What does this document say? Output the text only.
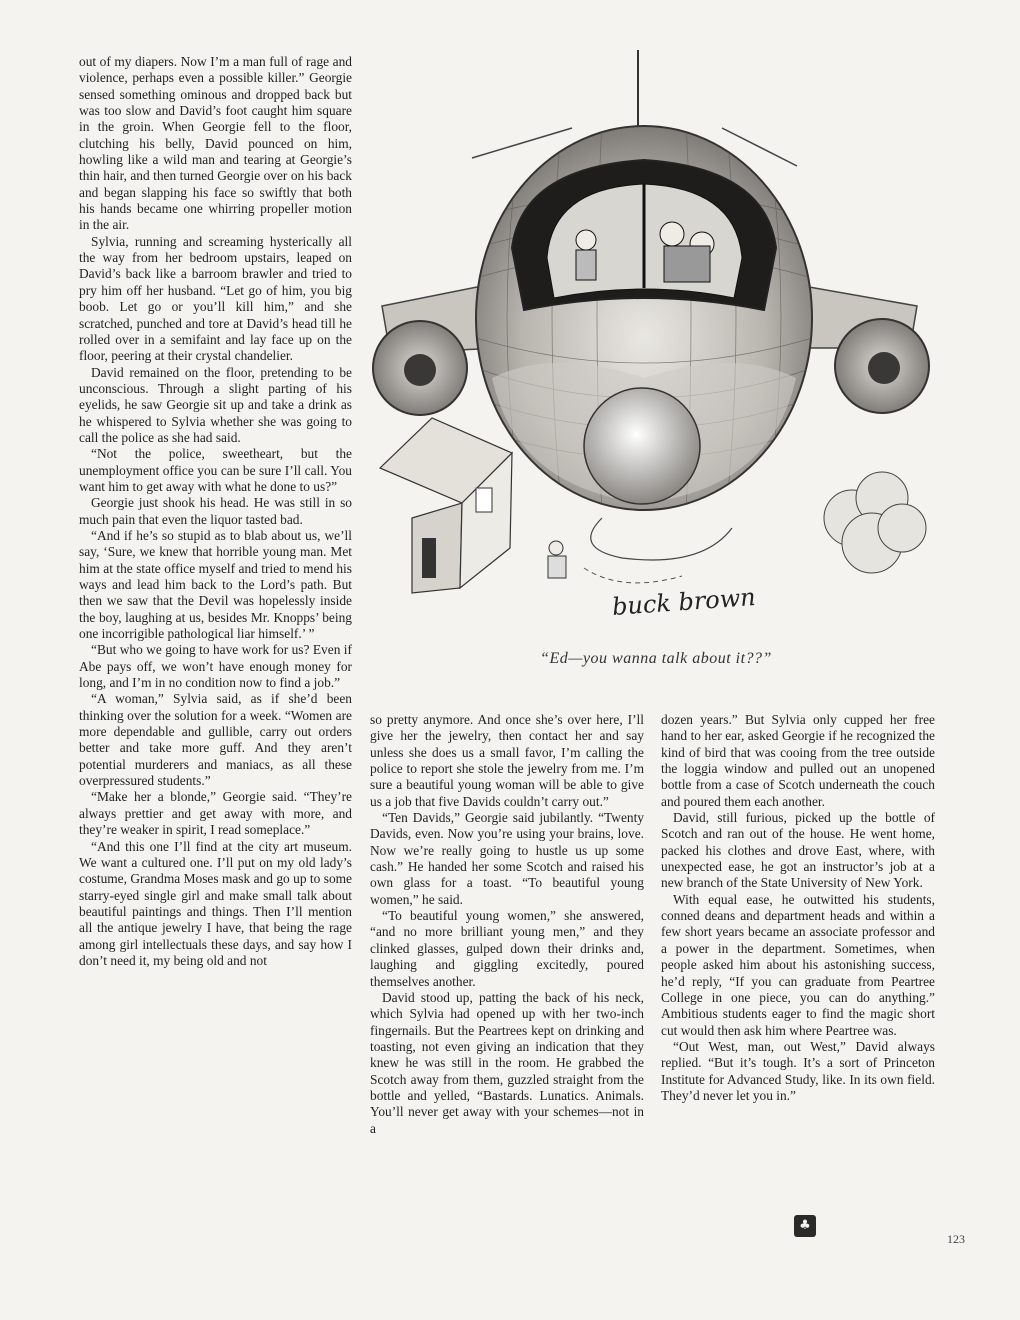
out of my diapers. Now I’m a man full of rage and violence, perhaps even a possible killer.” Georgie sensed something ominous and dropped back but was too slow and David’s foot caught him square in the groin. When Georgie fell to the floor, clutching his belly, David pounced on him, howling like a wild man and tearing at Georgie’s thin hair, and then turned Georgie over on his back and began slapping his face so swiftly that both his hands became one whirring propeller motion in the air.

Sylvia, running and screaming hysterically all the way from her bedroom upstairs, leaped on David’s back like a barroom brawler and tried to pry him off her husband. “Let go of him, you big boob. Let go or you’ll kill him,” and she scratched, punched and tore at David’s head till he rolled over in a semifaint and lay face up on the floor, peering at their crystal chandelier.

David remained on the floor, pretending to be unconscious. Through a slight parting of his eyelids, he saw Georgie sit up and take a drink as he whispered to Sylvia whether she was going to call the police as she had said.

“Not the police, sweetheart, but the unemployment office you can be sure I’ll call. You want him to get away with what he done to us?”

Georgie just shook his head. He was still in so much pain that even the liquor tasted bad.

“And if he’s so stupid as to blab about us, we’ll say, ‘Sure, we knew that horrible young man. Met him at the state office myself and tried to mend his ways and lead him back to the Lord’s path. But then we saw that the Devil was hopelessly inside the boy, laughing at us, besides Mr. Knopps’ being one incorrigible pathological liar himself.’ ”

“But who we going to have work for us? Even if Abe pays off, we won’t have enough money for long, and I’m in no condition now to find a job.”

“A woman,” Sylvia said, as if she’d been thinking over the solution for a week. “Women are more dependable and gullible, carry out orders better and take more guff. And they aren’t potential murderers and maniacs, as all these overpressured students.”

“Make her a blonde,” Georgie said. “They’re always prettier and get away with more, and they’re weaker in spirit, I read someplace.”

“And this one I’ll find at the city art museum. We want a cultured one. I’ll put on my old lady’s costume, Grandma Moses mask and go up to some starry-eyed single girl and make small talk about beautiful paintings and things. Then I’ll mention all the antique jewelry I have, that being the rage among girl intellectuals these days, and say how I don’t need it, my being old and not

buck brown
“Ed—you wanna talk about it??”

so pretty anymore. And once she’s over here, I’ll give her the jewelry, then contact her and say unless she does us a small favor, I’m calling the police to report she stole the jewelry from me. I’m sure a beautiful young woman will be able to give us a job that five Davids couldn’t carry out.”

“Ten Davids,” Georgie said jubilantly. “Twenty Davids, even. Now you’re using your brains, love. Now we’re really going to hustle us up some cash.” He handed her some Scotch and raised his own glass for a toast. “To beautiful young women,” he said.

“To beautiful young women,” she answered, “and no more brilliant young men,” and they clinked glasses, gulped down their drinks and, laughing and giggling excitedly, poured themselves another.

David stood up, patting the back of his neck, which Sylvia had opened up with her two-inch fingernails. But the Peartrees kept on drinking and toasting, not even giving an indication that they knew he was still in the room. He grabbed the Scotch away from them, guzzled straight from the bottle and yelled, “Bastards. Lunatics. Animals. You’ll never get away with your schemes—not in a

dozen years.” But Sylvia only cupped her free hand to her ear, asked Georgie if he recognized the kind of bird that was cooing from the tree outside the loggia window and pulled out an unopened bottle from a case of Scotch underneath the couch and poured them each another.

David, still furious, picked up the bottle of Scotch and ran out of the house. He went home, packed his clothes and drove East, where, with unexpected ease, he got an instructor’s job at a new branch of the State University of New York.

With equal ease, he outwitted his students, conned deans and department heads and within a few short years became an associate professor and a power in the department. Sometimes, when people asked him about his astonishing success, he’d reply, “If you can graduate from Peartree College in one piece, you can do anything.” Ambitious students eager to find the magic short cut would then ask him where Peartree was.

“Out West, man, out West,” David always replied. “But it’s tough. It’s a sort of Princeton Institute for Advanced Study, like. In its own field. They’d never let you in.”

♣
123
